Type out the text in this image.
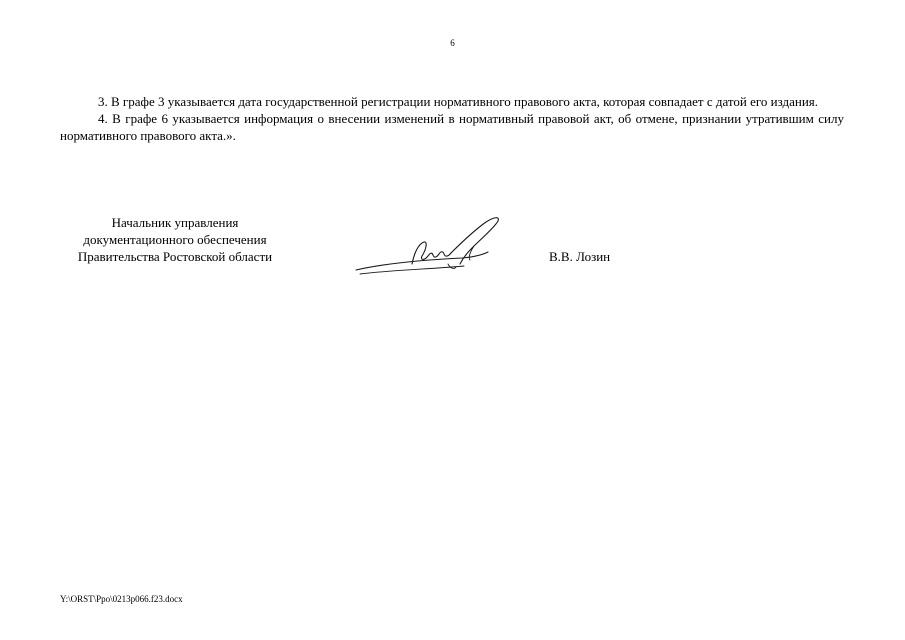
6

3. В графе 3 указывается дата государственной регистрации нормативного правового акта, которая совпадает с датой его издания.

4. В графе 6 указывается информация о внесении изменений в нормативный правовой акт, об отмене, признании утратившим силу нормативного правового акта.».

Начальник управления
документационного обеспечения
Правительства Ростовской области	В.В. Лозин
Y:\ORST\Ppo\0213p066.f23.docx
